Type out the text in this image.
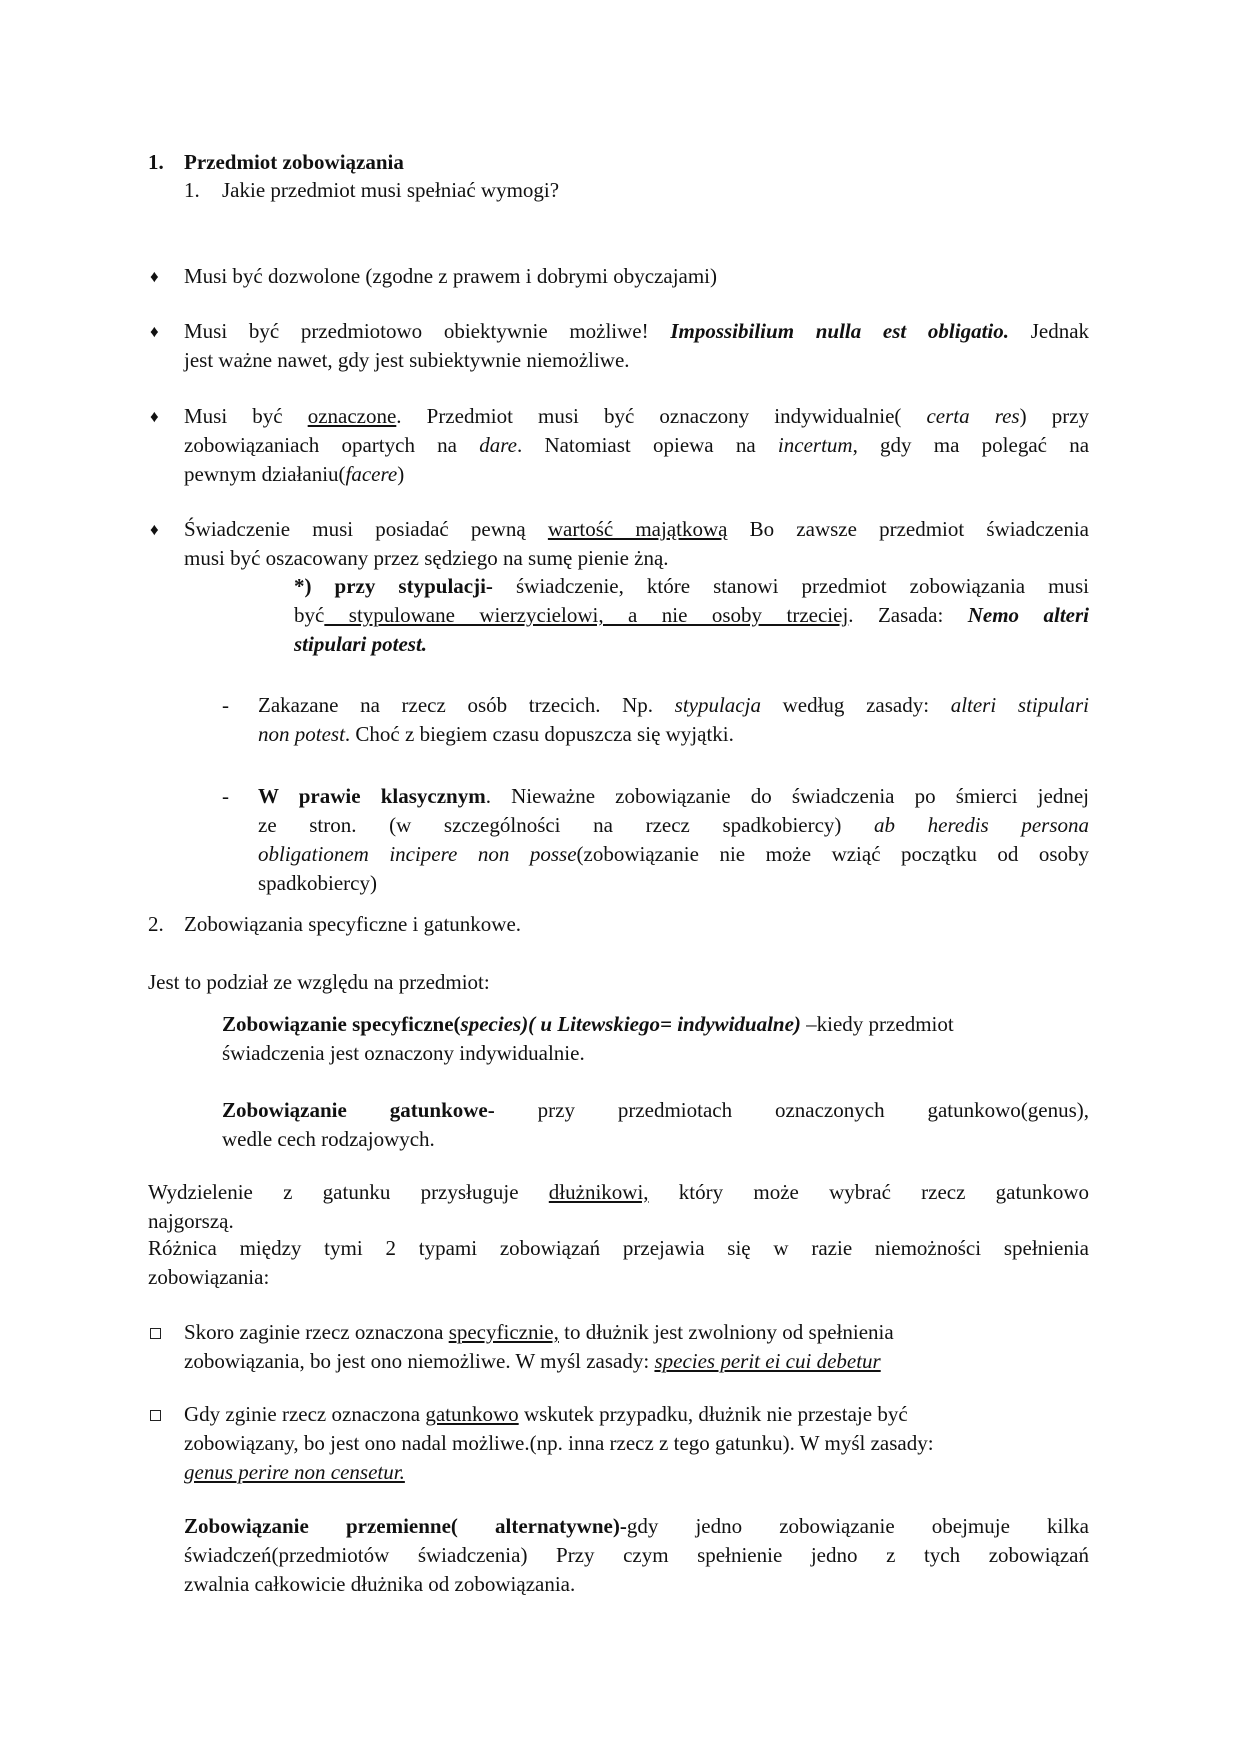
1. Przedmiot zobowiązania
1. Jakie przedmiot musi spełniać wymogi?
♦ Musi być dozwolone (zgodne z prawem i dobrymi obyczajami)
♦ Musi być przedmiotowo obiektywnie możliwe! Impossibilium nulla est obligatio. Jednak
jest ważne nawet, gdy jest subiektywnie niemożliwe.
♦ Musi być oznaczone. Przedmiot musi być oznaczony indywidualnie( certa res) przy
zobowiązaniach opartych na dare. Natomiast opiewa na incertum, gdy ma polegać na
pewnym działaniu(facere)
♦ Świadczenie musi posiadać pewną wartość majątkową Bo zawsze przedmiot świadczenia
musi być oszacowany przez sędziego na sumę pienie żną.
*) przy stypulacji- świadczenie, które stanowi przedmiot zobowiązania musi
być stypulowane wierzycielowi, a nie osoby trzeciej. Zasada: Nemo alteri
stipulari potest.
- Zakazane na rzecz osób trzecich. Np. stypulacja według zasady: alteri stipulari
non potest. Choć z biegiem czasu dopuszcza się wyjątki.
- W prawie klasycznym. Nieważne zobowiązanie do świadczenia po śmierci jednej
ze stron. (w szczególności na rzecz spadkobiercy) ab heredis persona
obligationem incipere non posse(zobowiązanie nie może wziąć początku od osoby
spadkobiercy)
2. Zobowiązania specyficzne i gatunkowe.
Jest to podział ze względu na przedmiot:
Zobowiązanie specyficzne(species)( u Litewskiego= indywidualne) –kiedy przedmiot
świadczenia jest oznaczony indywidualnie.
Zobowiązanie gatunkowe- przy przedmiotach oznaczonych gatunkowo(genus),
wedle cech rodzajowych.
Wydzielenie z gatunku przysługuje dłużnikowi, który może wybrać rzecz gatunkowo
najgorszą.
Różnica między tymi 2 typami zobowiązań przejawia się w razie niemożności spełnienia
zobowiązania:
Skoro zaginie rzecz oznaczona specyficznie, to dłużnik jest zwolniony od spełnienia
zobowiązania, bo jest ono niemożliwe. W myśl zasady: species perit ei cui debetur
Gdy zginie rzecz oznaczona gatunkowo wskutek przypadku, dłużnik nie przestaje być
zobowiązany, bo jest ono nadal możliwe.(np. inna rzecz z tego gatunku). W myśl zasady:
genus perire non censetur.
Zobowiązanie przemienne( alternatywne)-gdy jedno zobowiązanie obejmuje kilka
świadczeń(przedmiotów świadczenia) Przy czym spełnienie jedno z tych zobowiązań
zwalnia całkowicie dłużnika od zobowiązania.
